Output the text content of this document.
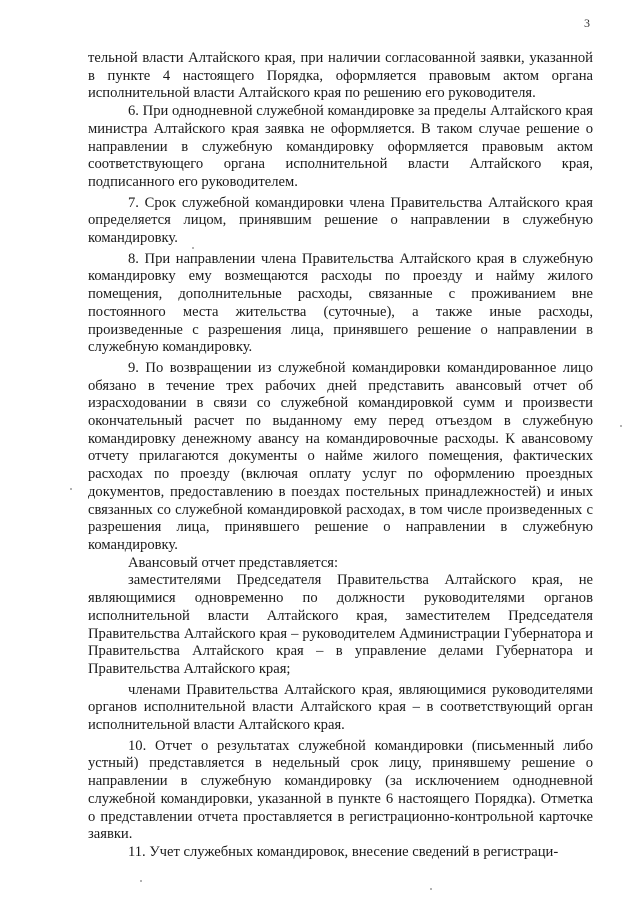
3

тельной власти Алтайского края, при наличии согласованной заявки, указанной в пункте 4 настоящего Порядка, оформляется правовым актом органа исполнительной власти Алтайского края по решению его руководителя.

6. При однодневной служебной командировке за пределы Алтайского края министра Алтайского края заявка не оформляется. В таком случае решение о направлении в служебную командировку оформляется правовым актом соответствующего органа исполнительной власти Алтайского края, подписанного его руководителем.

7. Срок служебной командировки члена Правительства Алтайского края определяется лицом, принявшим решение о направлении в служебную командировку.

8. При направлении члена Правительства Алтайского края в служебную командировку ему возмещаются расходы по проезду и найму жилого помещения, дополнительные расходы, связанные с проживанием вне постоянного места жительства (суточные), а также иные расходы, произведенные с разрешения лица, принявшего решение о направлении в служебную командировку.

9. По возвращении из служебной командировки командированное лицо обязано в течение трех рабочих дней представить авансовый отчет об израсходовании в связи со служебной командировкой сумм и произвести окончательный расчет по выданному ему перед отъездом в служебную командировку денежному авансу на командировочные расходы. К авансовому отчету прилагаются документы о найме жилого помещения, фактических расходах по проезду (включая оплату услуг по оформлению проездных документов, предоставлению в поездах постельных принадлежностей) и иных связанных со служебной командировкой расходах, в том числе произведенных с разрешения лица, принявшего решение о направлении в служебную командировку.

Авансовый отчет представляется:

заместителями Председателя Правительства Алтайского края, не являющимися одновременно по должности руководителями органов исполнительной власти Алтайского края, заместителем Председателя Правительства Алтайского края – руководителем Администрации Губернатора и Правительства Алтайского края – в управление делами Губернатора и Правительства Алтайского края;

членами Правительства Алтайского края, являющимися руководителями органов исполнительной власти Алтайского края – в соответствующий орган исполнительной власти Алтайского края.

10. Отчет о результатах служебной командировки (письменный либо устный) представляется в недельный срок лицу, принявшему решение о направлении в служебную командировку (за исключением однодневной служебной командировки, указанной в пункте 6 настоящего Порядка). Отметка о представлении отчета проставляется в регистрационно-контрольной карточке заявки.

11. Учет служебных командировок, внесение сведений в регистраци-
